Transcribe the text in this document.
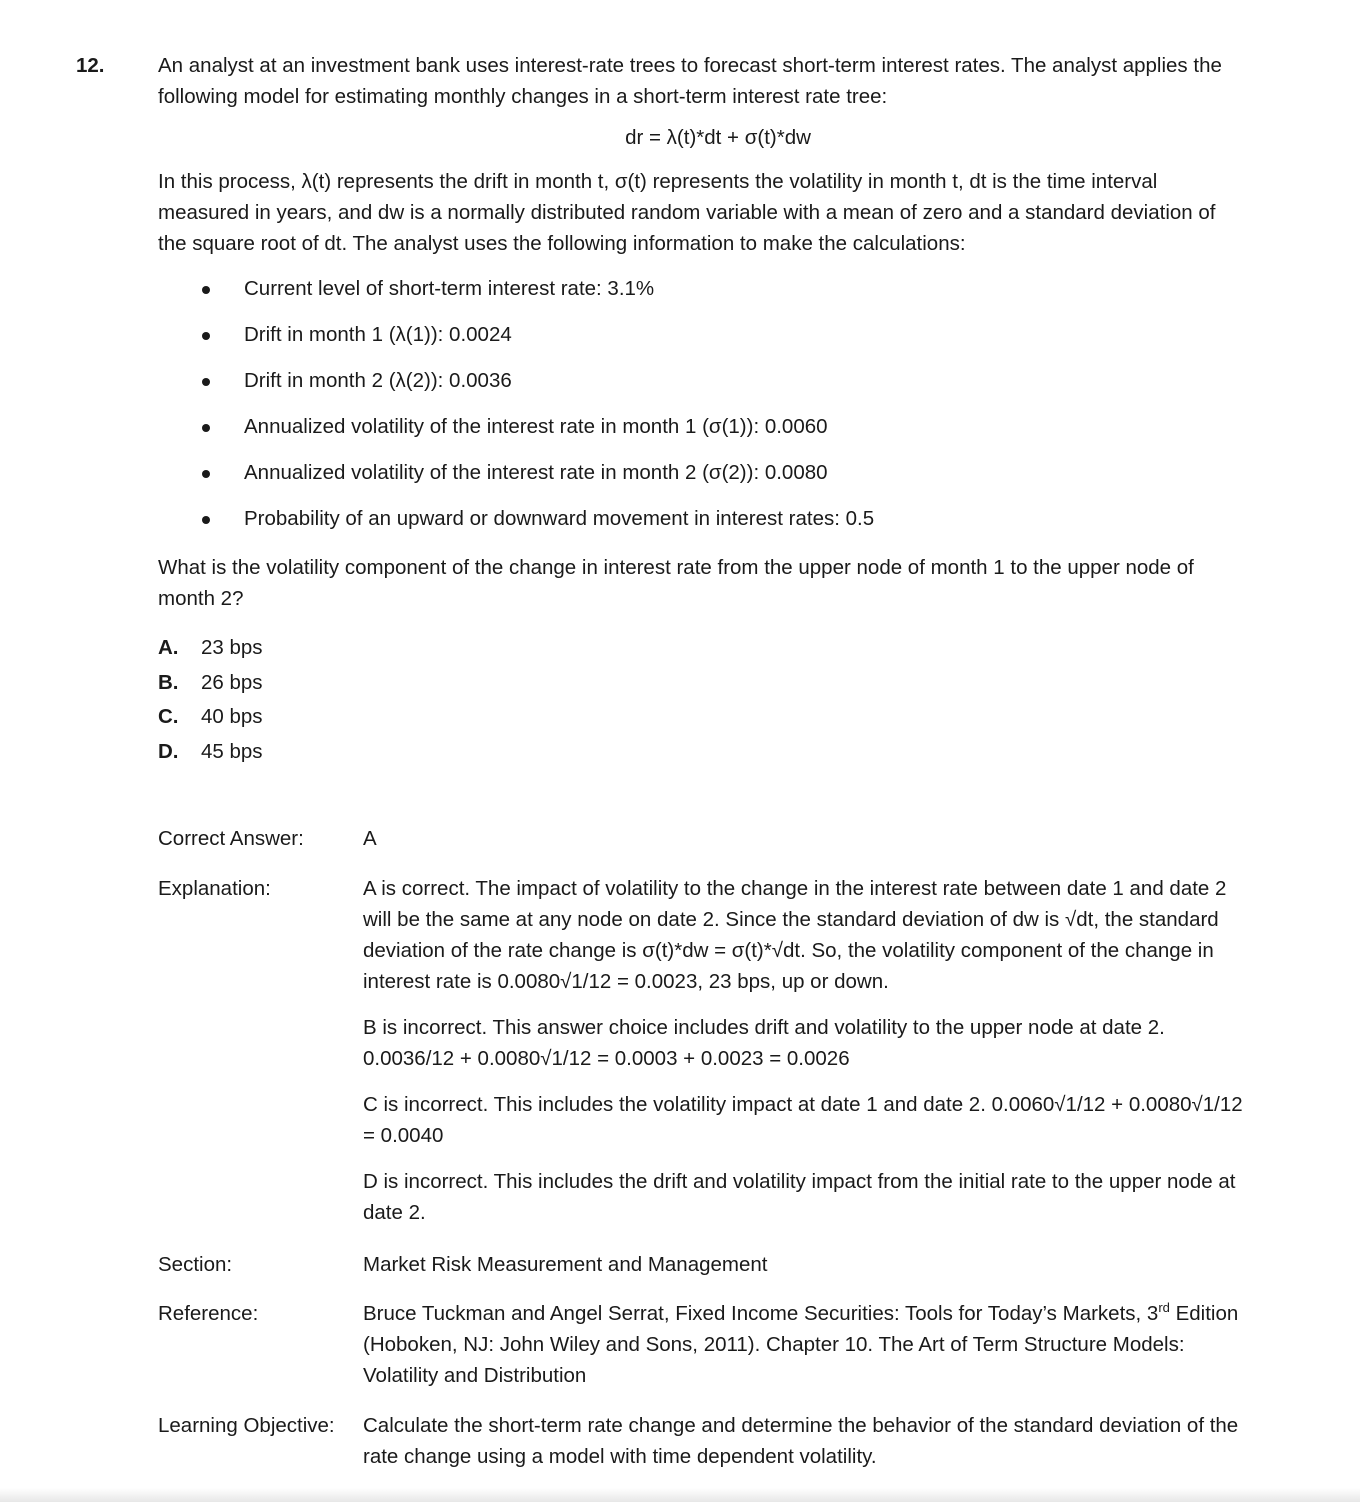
12.	An analyst at an investment bank uses interest-rate trees to forecast short-term interest rates. The analyst applies the following model for estimating monthly changes in a short-term interest rate tree:

dr = λ(t)*dt + σ(t)*dw

In this process, λ(t) represents the drift in month t, σ(t) represents the volatility in month t, dt is the time interval measured in years, and dw is a normally distributed random variable with a mean of zero and a standard deviation of the square root of dt. The analyst uses the following information to make the calculations:

Current level of short-term interest rate: 3.1%
Drift in month 1 (λ(1)): 0.0024
Drift in month 2 (λ(2)): 0.0036
Annualized volatility of the interest rate in month 1 (σ(1)): 0.0060
Annualized volatility of the interest rate in month 2 (σ(2)): 0.0080
Probability of an upward or downward movement in interest rates: 0.5

What is the volatility component of the change in interest rate from the upper node of month 1 to the upper node of month 2?

A. 23 bps
B. 26 bps
C. 40 bps
D. 45 bps
Correct Answer:	A
Explanation:	A is correct. The impact of volatility to the change in the interest rate between date 1 and date 2 will be the same at any node on date 2. Since the standard deviation of dw is √dt, the standard deviation of the rate change is σ(t)*dw = σ(t)*√dt. So, the volatility component of the change in interest rate is 0.0080√1/12 = 0.0023, 23 bps, up or down.

B is incorrect. This answer choice includes drift and volatility to the upper node at date 2. 0.0036/12 + 0.0080√1/12 = 0.0003 + 0.0023 = 0.0026

C is incorrect. This includes the volatility impact at date 1 and date 2. 0.0060√1/12 + 0.0080√1/12 = 0.0040

D is incorrect. This includes the drift and volatility impact from the initial rate to the upper node at date 2.

Section:	Market Risk Measurement and Management
Reference:	Bruce Tuckman and Angel Serrat, Fixed Income Securities: Tools for Today’s Markets, 3rd Edition (Hoboken, NJ: John Wiley and Sons, 2011). Chapter 10. The Art of Term Structure Models: Volatility and Distribution
Learning Objective: Calculate the short-term rate change and determine the behavior of the standard deviation of the rate change using a model with time dependent volatility.
